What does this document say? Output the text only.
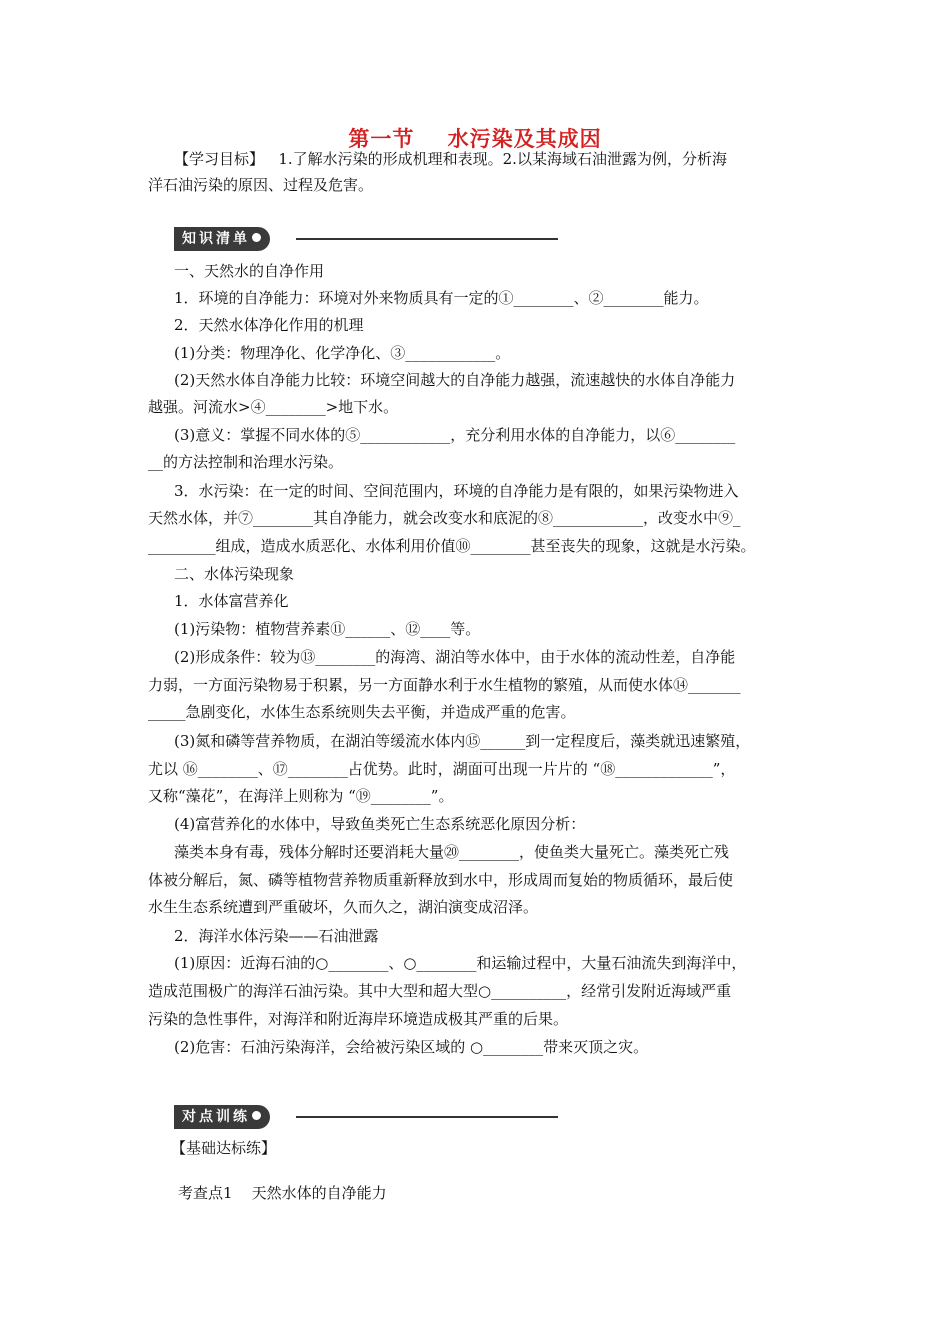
第一节    水污染及其成因

【学习目标】 1.了解水污染的形成机理和表现。2.以某海域石油泄露为例，分析海

洋石油污染的原因、过程及危害。
知识清单
一、天然水的自净作用
1．环境的自净能力：环境对外来物质具有一定的①________、②________能力。
2．天然水体净化作用的机理
(1)分类：物理净化、化学净化、③____________。
(2)天然水体自净能力比较：环境空间越大的自净能力越强，流速越快的水体自净能力
越强。河流水>④________>地下水。
(3)意义：掌握不同水体的⑤____________，充分利用水体的自净能力，以⑥________
__的方法控制和治理水污染。
3．水污染：在一定的时间、空间范围内，环境的自净能力是有限的，如果污染物进入
天然水体，并⑦________其自净能力，就会改变水和底泥的⑧____________，改变水中⑨_
_________组成，造成水质恶化、水体利用价值⑩________甚至丧失的现象，这就是水污染。
二、水体污染现象
1．水体富营养化
(1)污染物：植物营养素⑪______、⑫____等。
(2)形成条件：较为⑬________的海湾、湖泊等水体中，由于水体的流动性差，自净能
力弱，一方面污染物易于积累，另一方面静水利于水生植物的繁殖，从而使水体⑭_______
_____急剧变化，水体生态系统则失去平衡，并造成严重的危害。
(3)氮和磷等营养物质，在湖泊等缓流水体内⑮______到一定程度后，藻类就迅速繁殖，
尤以 ⑯________、⑰________占优势。此时，湖面可出现一片片的 “⑱_____________”，
又称“藻花”，在海洋上则称为 “⑲________”。
(4)富营养化的水体中，导致鱼类死亡生态系统恶化原因分析：
藻类本身有毒，残体分解时还要消耗大量⑳________，使鱼类大量死亡。藻类死亡残
体被分解后，氮、磷等植物营养物质重新释放到水中，形成周而复始的物质循环，最后使
水生生态系统遭到严重破坏，久而久之，湖泊演变成沼泽。
2．海洋水体污染——石油泄露
(1)原因：近海石油的○________、○________和运输过程中，大量石油流失到海洋中，
造成范围极广的海洋石油污染。其中大型和超大型○__________，经常引发附近海域严重
污染的急性事件，对海洋和附近海岸环境造成极其严重的后果。
(2)危害：石油污染海洋，会给被污染区域的 ○________带来灭顶之灾。
对点训练
【基础达标练】
考查点1    天然水体的自净能力
